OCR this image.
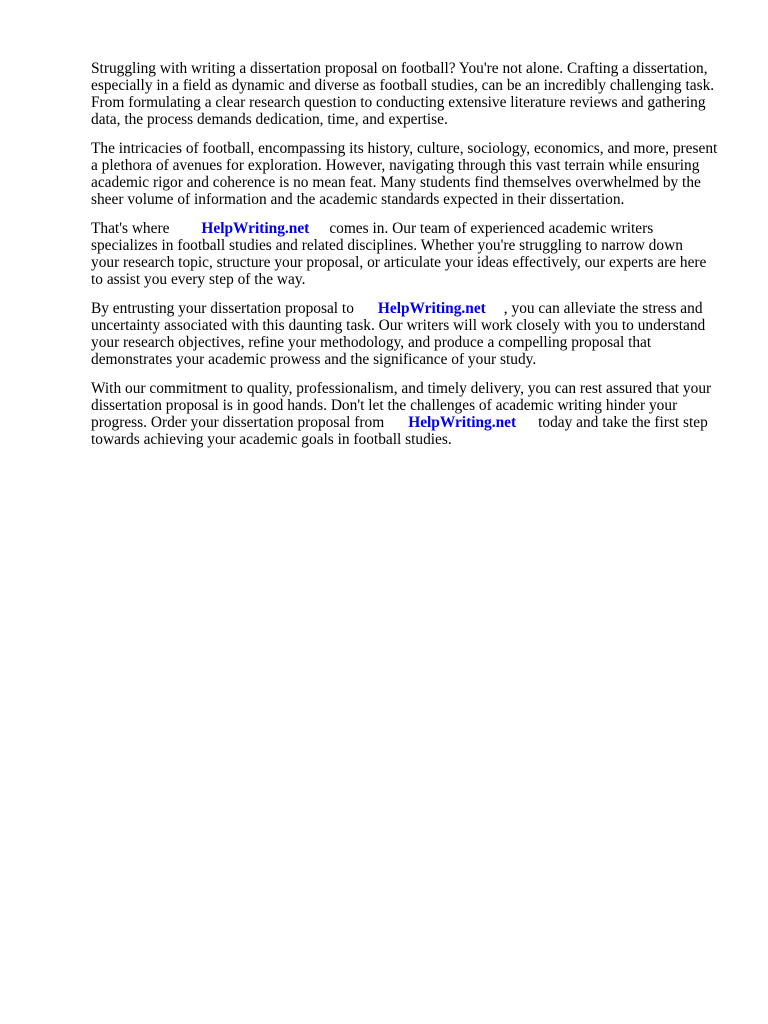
Struggling with writing a dissertation proposal on football? You're not alone. Crafting a dissertation,
especially in a field as dynamic and diverse as football studies, can be an incredibly challenging task.
From formulating a clear research question to conducting extensive literature reviews and gathering
data, the process demands dedication, time, and expertise.

The intricacies of football, encompassing its history, culture, sociology, economics, and more, present
a plethora of avenues for exploration. However, navigating through this vast terrain while ensuring
academic rigor and coherence is no mean feat. Many students find themselves overwhelmed by the
sheer volume of information and the academic standards expected in their dissertation.

That's where HelpWriting.net comes in. Our team of experienced academic writers
specializes in football studies and related disciplines. Whether you're struggling to narrow down
your research topic, structure your proposal, or articulate your ideas effectively, our experts are here
to assist you every step of the way.

By entrusting your dissertation proposal to HelpWriting.net , you can alleviate the stress and
uncertainty associated with this daunting task. Our writers will work closely with you to understand
your research objectives, refine your methodology, and produce a compelling proposal that
demonstrates your academic prowess and the significance of your study.

With our commitment to quality, professionalism, and timely delivery, you can rest assured that your
dissertation proposal is in good hands. Don't let the challenges of academic writing hinder your
progress. Order your dissertation proposal from HelpWriting.net today and take the first step
towards achieving your academic goals in football studies.
